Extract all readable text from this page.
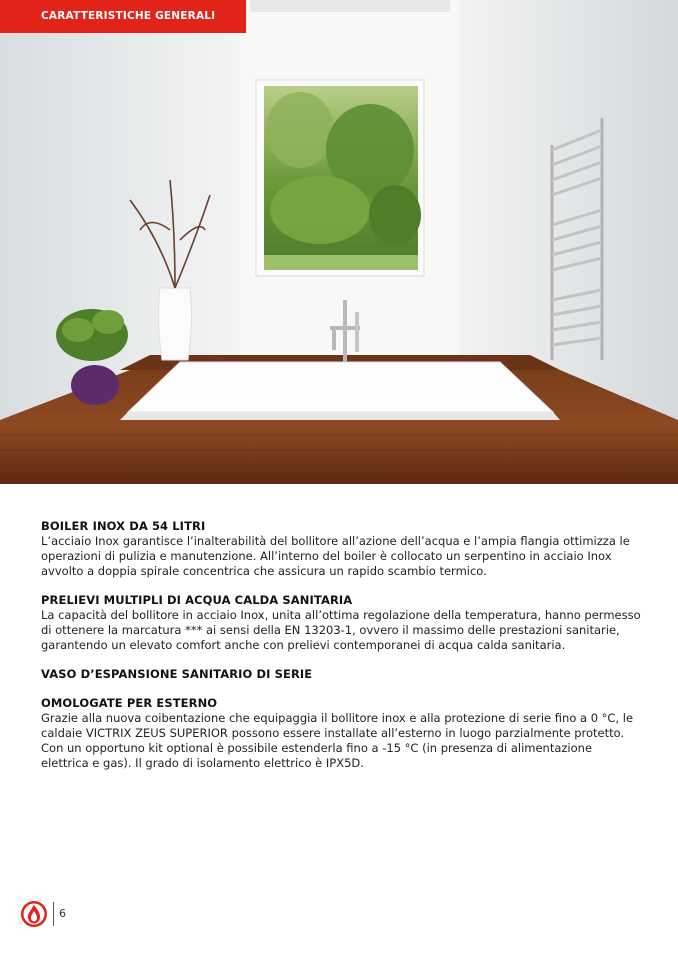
CARATTERISTICHE GENERALI
BOILER INOX DA 54 LITRI

L’acciaio Inox garantisce l’inalterabilità del bollitore all’azione dell’acqua e l’ampia flangia ottimizza le operazioni di pulizia e manutenzione. All’interno del boiler è collocato un serpentino in acciaio Inox avvolto a doppia spirale concentrica che assicura un rapido scambio termico.

PRELIEVI MULTIPLI DI ACQUA CALDA SANITARIA

La capacità del bollitore in acciaio Inox, unita all’ottima regolazione della temperatura, hanno permesso di ottenere la marcatura *** ai sensi della EN 13203-1, ovvero il massimo delle prestazioni sanitarie, garantendo un elevato comfort anche con prelievi contemporanei di acqua calda sanitaria.

VASO D’ESPANSIONE SANITARIO DI SERIE
OMOLOGATE PER ESTERNO

Grazie alla nuova coibentazione che equipaggia il bollitore inox e alla protezione di serie fino a 0 °C, le caldaie VICTRIX ZEUS SUPERIOR possono essere installate all’esterno in luogo parzialmente protetto. Con un opportuno kit optional è possibile estenderla fino a -15 °C (in presenza di alimentazione elettrica e gas). Il grado di isolamento elettrico è IPX5D.

6
